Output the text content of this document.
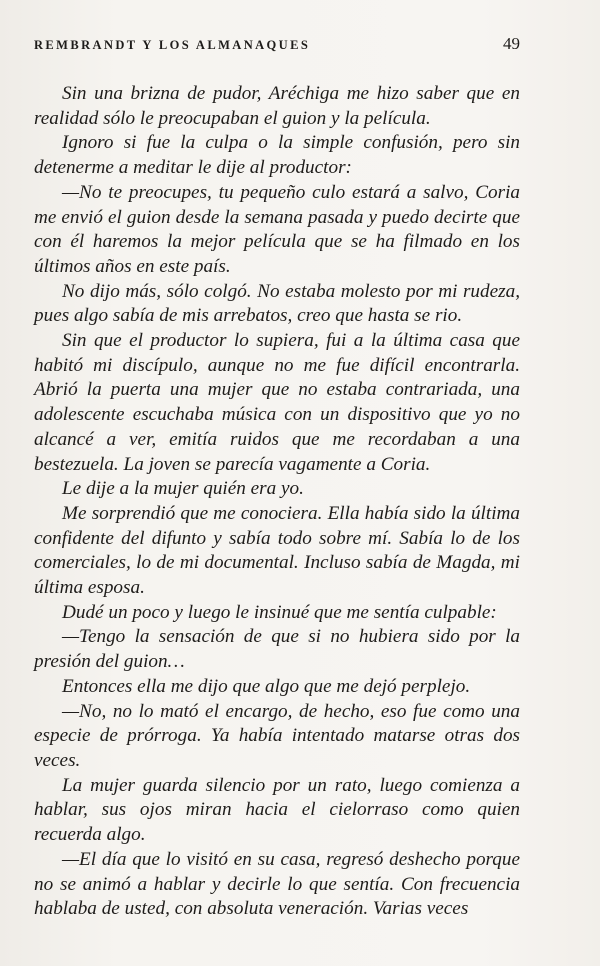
REMBRANDT Y LOS ALMANAQUES	49

Sin una brizna de pudor, Aréchiga me hizo saber que en realidad sólo le preocupaban el guion y la película.

Ignoro si fue la culpa o la simple confusión, pero sin detenerme a meditar le dije al productor:

—No te preocupes, tu pequeño culo estará a salvo, Coria me envió el guion desde la semana pasada y puedo decirte que con él haremos la mejor película que se ha filmado en los últimos años en este país.

No dijo más, sólo colgó. No estaba molesto por mi rudeza, pues algo sabía de mis arrebatos, creo que hasta se rio.

Sin que el productor lo supiera, fui a la última casa que habitó mi discípulo, aunque no me fue difícil encontrarla. Abrió la puerta una mujer que no estaba contrariada, una adolescente escuchaba música con un dispositivo que yo no alcancé a ver, emitía ruidos que me recordaban a una bestezuela. La joven se parecía vagamente a Coria.

Le dije a la mujer quién era yo.

Me sorprendió que me conociera. Ella había sido la última confidente del difunto y sabía todo sobre mí. Sabía lo de los comerciales, lo de mi documental. Incluso sabía de Magda, mi última esposa.

Dudé un poco y luego le insinué que me sentía culpable:

—Tengo la sensación de que si no hubiera sido por la presión del guion…

Entonces ella me dijo que algo que me dejó perplejo.

—No, no lo mató el encargo, de hecho, eso fue como una especie de prórroga. Ya había intentado matarse otras dos veces.

La mujer guarda silencio por un rato, luego comienza a hablar, sus ojos miran hacia el cielorraso como quien recuerda algo.

—El día que lo visitó en su casa, regresó deshecho porque no se animó a hablar y decirle lo que sentía. Con frecuencia hablaba de usted, con absoluta veneración. Varias veces
